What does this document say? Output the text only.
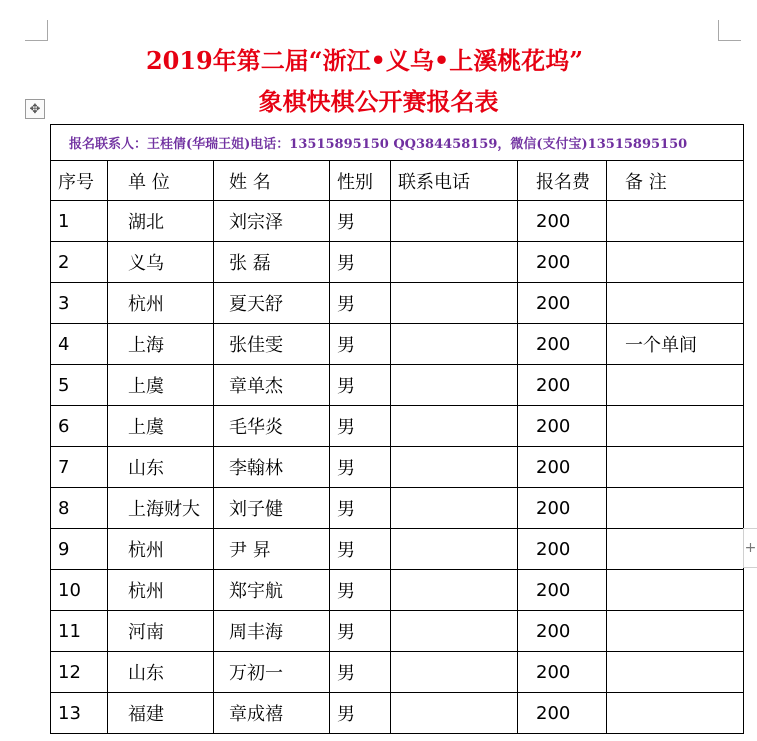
2019年第二届“浙江•义乌•上溪桃花坞”
象棋快棋公开赛报名表
✥
报名联系人：王桂倩(华瑞王姐)电话：13515895150 QQ384458159，微信(支付宝)13515895150						
序号	单 位	姓 名	性别	联系电话	报名费	备 注
1	湖北	刘宗泽	男		200	
2	义乌	张 磊	男		200	
3	杭州	夏天舒	男		200	
4	上海	张佳雯	男		200	一个单间
5	上虞	章单杰	男		200	
6	上虞	毛华炎	男		200	
7	山东	李翰林	男		200	
8	上海财大	刘子健	男		200	
9	杭州	尹 昇	男		200	
10	杭州	郑宇航	男		200	
11	河南	周丰海	男		200	
12	山东	万初一	男		200	
13	福建	章成禧	男		200	
+
